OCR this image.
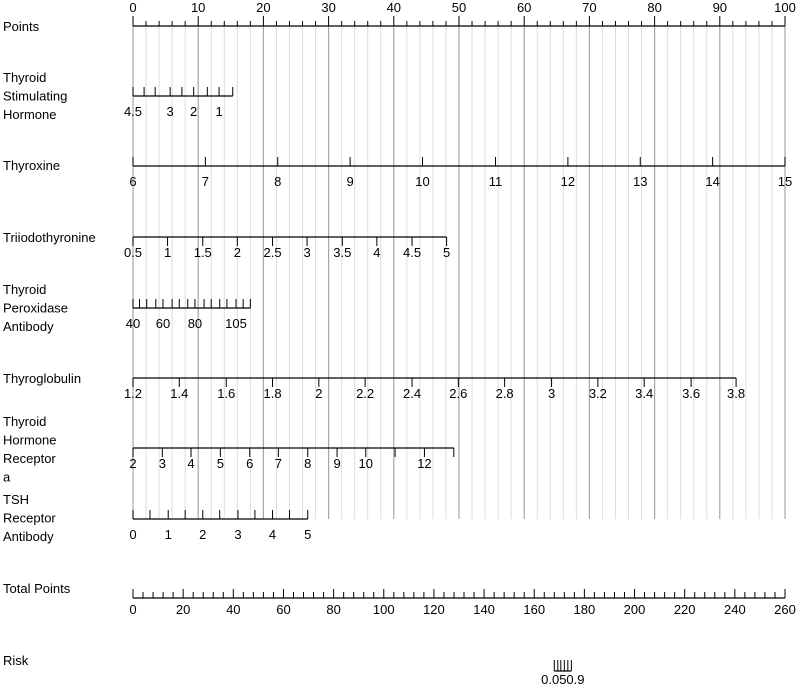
0	10	20	30	40	50	60	70	80	90	100
Points
Thyroid
Stimulating
Hormone	4.5 3 2 1
Thyroxine
6	7	8	9	10	11	12	13	14	15
Triiodothyronine
0.5 1 1.5 2 2.5 3 3.5 4 4.5 5
Thyroid
Peroxidase
Antibody	40 60 80 105
Thyroglobulin
1.2 1.4 1.6 1.8	2	2.2 2.4 2.6 2.8	3	3.2 3.4 3.6 3.8
Thyroid
Hormone
Receptor
a
2 3 4 5 6 7 8 9 10	12
TSH
Receptor
Antibody	0 1 2 3 4 5
0	20	40	60	80 100 120 140 160 180 200 220 240 260
Total Points
Risk
0.050.9
